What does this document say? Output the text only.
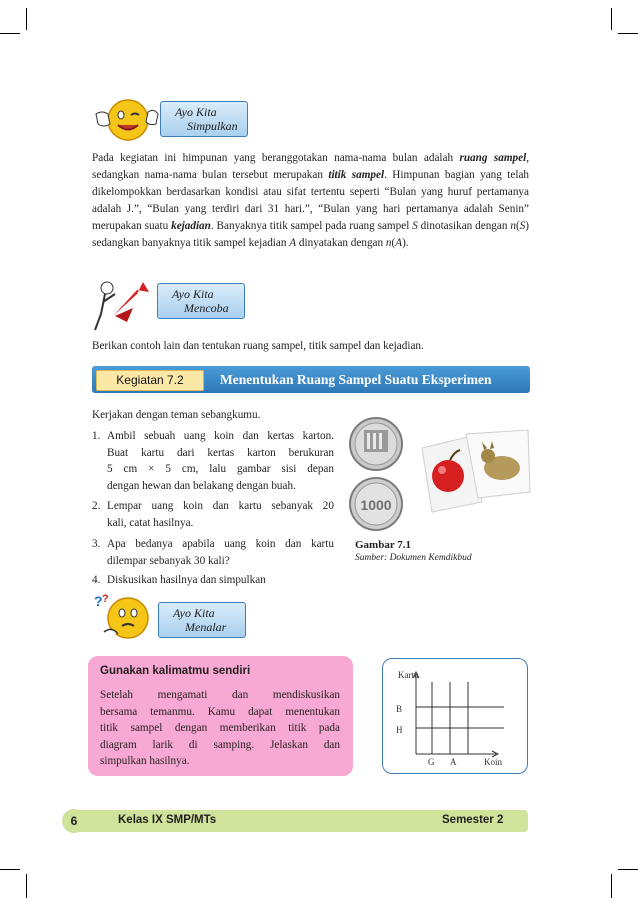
Ayo Kita
Simpulkan
Pada kegiatan ini himpunan yang beranggotakan nama-nama bulan adalah ruang sampel, sedangkan nama-nama bulan tersebut merupakan titik sampel. Himpunan bagian yang telah dikelompokkan berdasarkan kondisi atau sifat tertentu seperti “Bulan yang huruf pertamanya adalah J.”, “Bulan yang terdiri dari 31 hari.”, “Bulan yang hari pertamanya adalah Senin” merupakan suatu kejadian. Banyaknya titik sampel pada ruang sampel S dinotasikan dengan n(S) sedangkan banyaknya titik sampel kejadian A dinyatakan dengan n(A).
Ayo Kita
Mencoba
Berikan contoh lain dan tentukan ruang sampel, titik sampel dan kejadian.
Kegiatan 7.2	Menentukan Ruang Sampel Suatu Eksperimen
Kerjakan dengan teman sebangkumu.
1. Ambil sebuah uang koin dan kertas karton.
Buat kartu dari kertas karton berukuran
5 cm × 5 cm, lalu gambar sisi depan
dengan hewan dan belakang dengan buah.
2. Lempar uang koin dan kartu sebanyak 20
kali, catat hasilnya.
3. Apa bedanya apabila uang koin dan kartu
dilempar sebanyak 30 kali?
4. Diskusikan hasilnya dan simpulkan
1000
Gambar 7.1
Sumber: Dokumen Kemdikbud
? ?
Ayo Kita
Menalar
Gunakan kalimatmu sendiri
Setelah mengamati dan mendiskusikan
bersama temanmu. Kamu dapat menentukan
titik sampel dengan memberikan titik pada
diagram larik di samping. Jelaskan dan
simpulkan hasilnya.
Kartu
B
H
G A	Koin
6	Kelas IX SMP/MTs	Semester 2
